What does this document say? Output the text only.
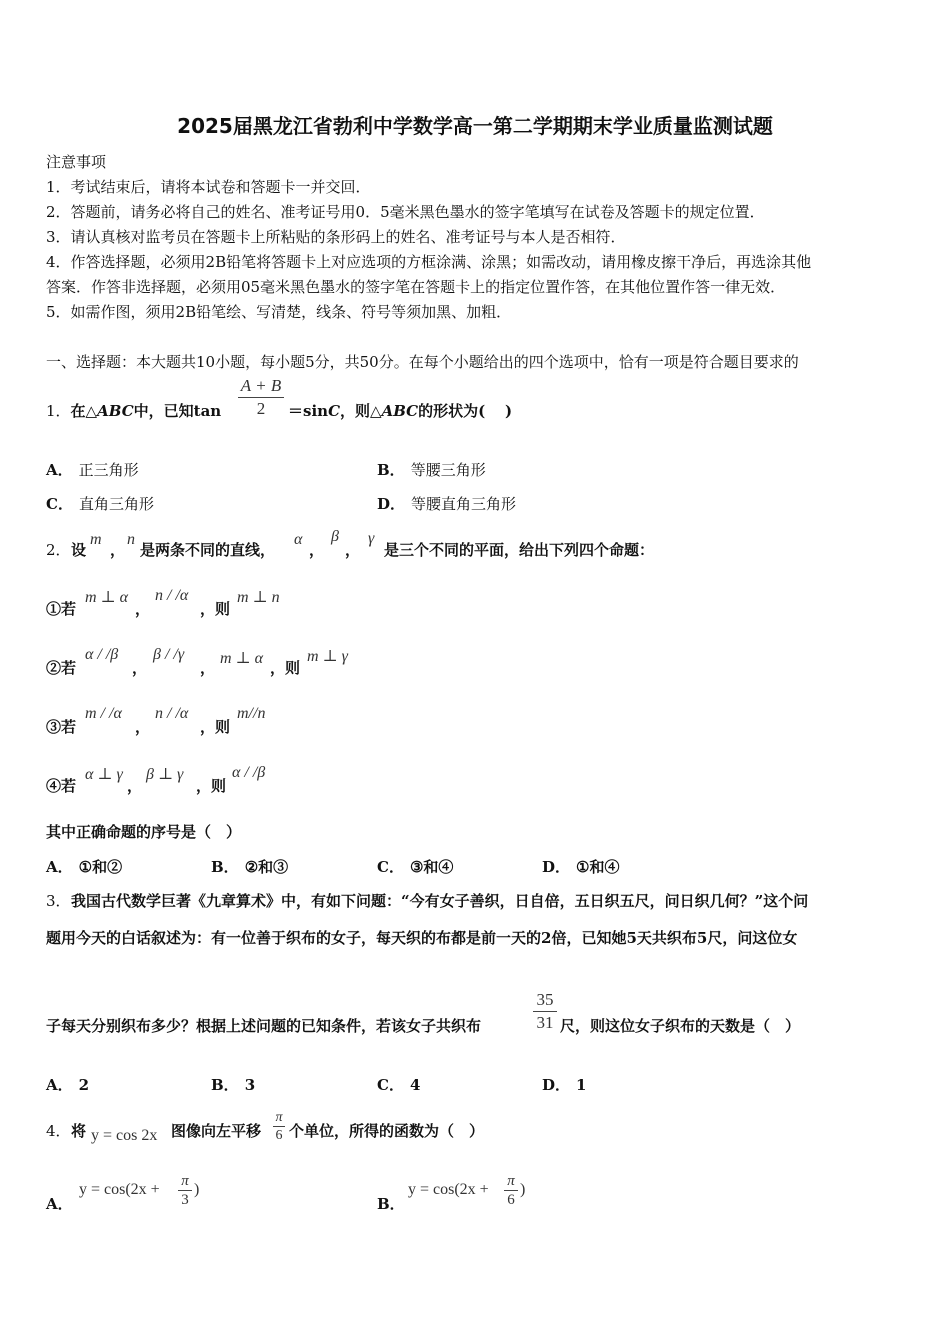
2025届黑龙江省勃利中学数学高一第二学期期末学业质量监测试题
注意事项
1．考试结束后，请将本试卷和答题卡一并交回．
2．答题前，请务必将自己的姓名、准考证号用0．5毫米黑色墨水的签字笔填写在试卷及答题卡的规定位置．
3．请认真核对监考员在答题卡上所粘贴的条形码上的姓名、准考证号与本人是否相符．
4．作答选择题，必须用2B铅笔将答题卡上对应选项的方框涂满、涂黑；如需改动，请用橡皮擦干净后，再选涂其他
答案．作答非选择题，必须用05毫米黑色墨水的签字笔在答题卡上的指定位置作答，在其他位置作答一律无效．
5．如需作图，须用2B铅笔绘、写清楚，线条、符号等须加黑、加粗．
一、选择题：本大题共10小题，每小题5分，共50分。在每个小题给出的四个选项中，恰有一项是符合题目要求的
1．在△ABC中，已知tan
A + B
2	＝sinC，则△ABC的形状为( )
A． 正三角形	B． 等腰三角形
C． 直角三角形	D． 等腰直角三角形
2． 设
m
，
n
是两条不同的直线，
α
，
β
，
γ
是三个不同的平面，给出下列四个命题：
①若
m ⊥ α
，
n / /α
，则
m ⊥ n
②若
α / /β
，
β / /γ
，
m ⊥ α
，则
m ⊥ γ
③若
m / /α
，
n / /α
，则
m//n
④若
α ⊥ γ
，
β ⊥ γ
，则
α / /β
其中正确命题的序号是（　）
A． ①和②	B． ②和③	C． ③和④	D． ①和④
3． 我国古代数学巨著《九章算术》中，有如下问题：“今有女子善织，日自倍，五日织五尺，问日织几何？”这个问
题用今天的白话叙述为：有一位善于织布的女子，每天织的布都是前一天的2倍，已知她5天共织布5尺，问这位女
子每天分别织布多少？根据上述问题的已知条件，若该女子共织布
35
31 尺，则这位女子织布的天数是（　）
A． 2	B． 3	C． 4	D． 1
4． 将 y = cos 2x 图像向左平移
π
6 个单位，所得的函数为（　）
A．
y = cos(2x +	π
3
)
B．
y = cos(2x +	π
6
)
